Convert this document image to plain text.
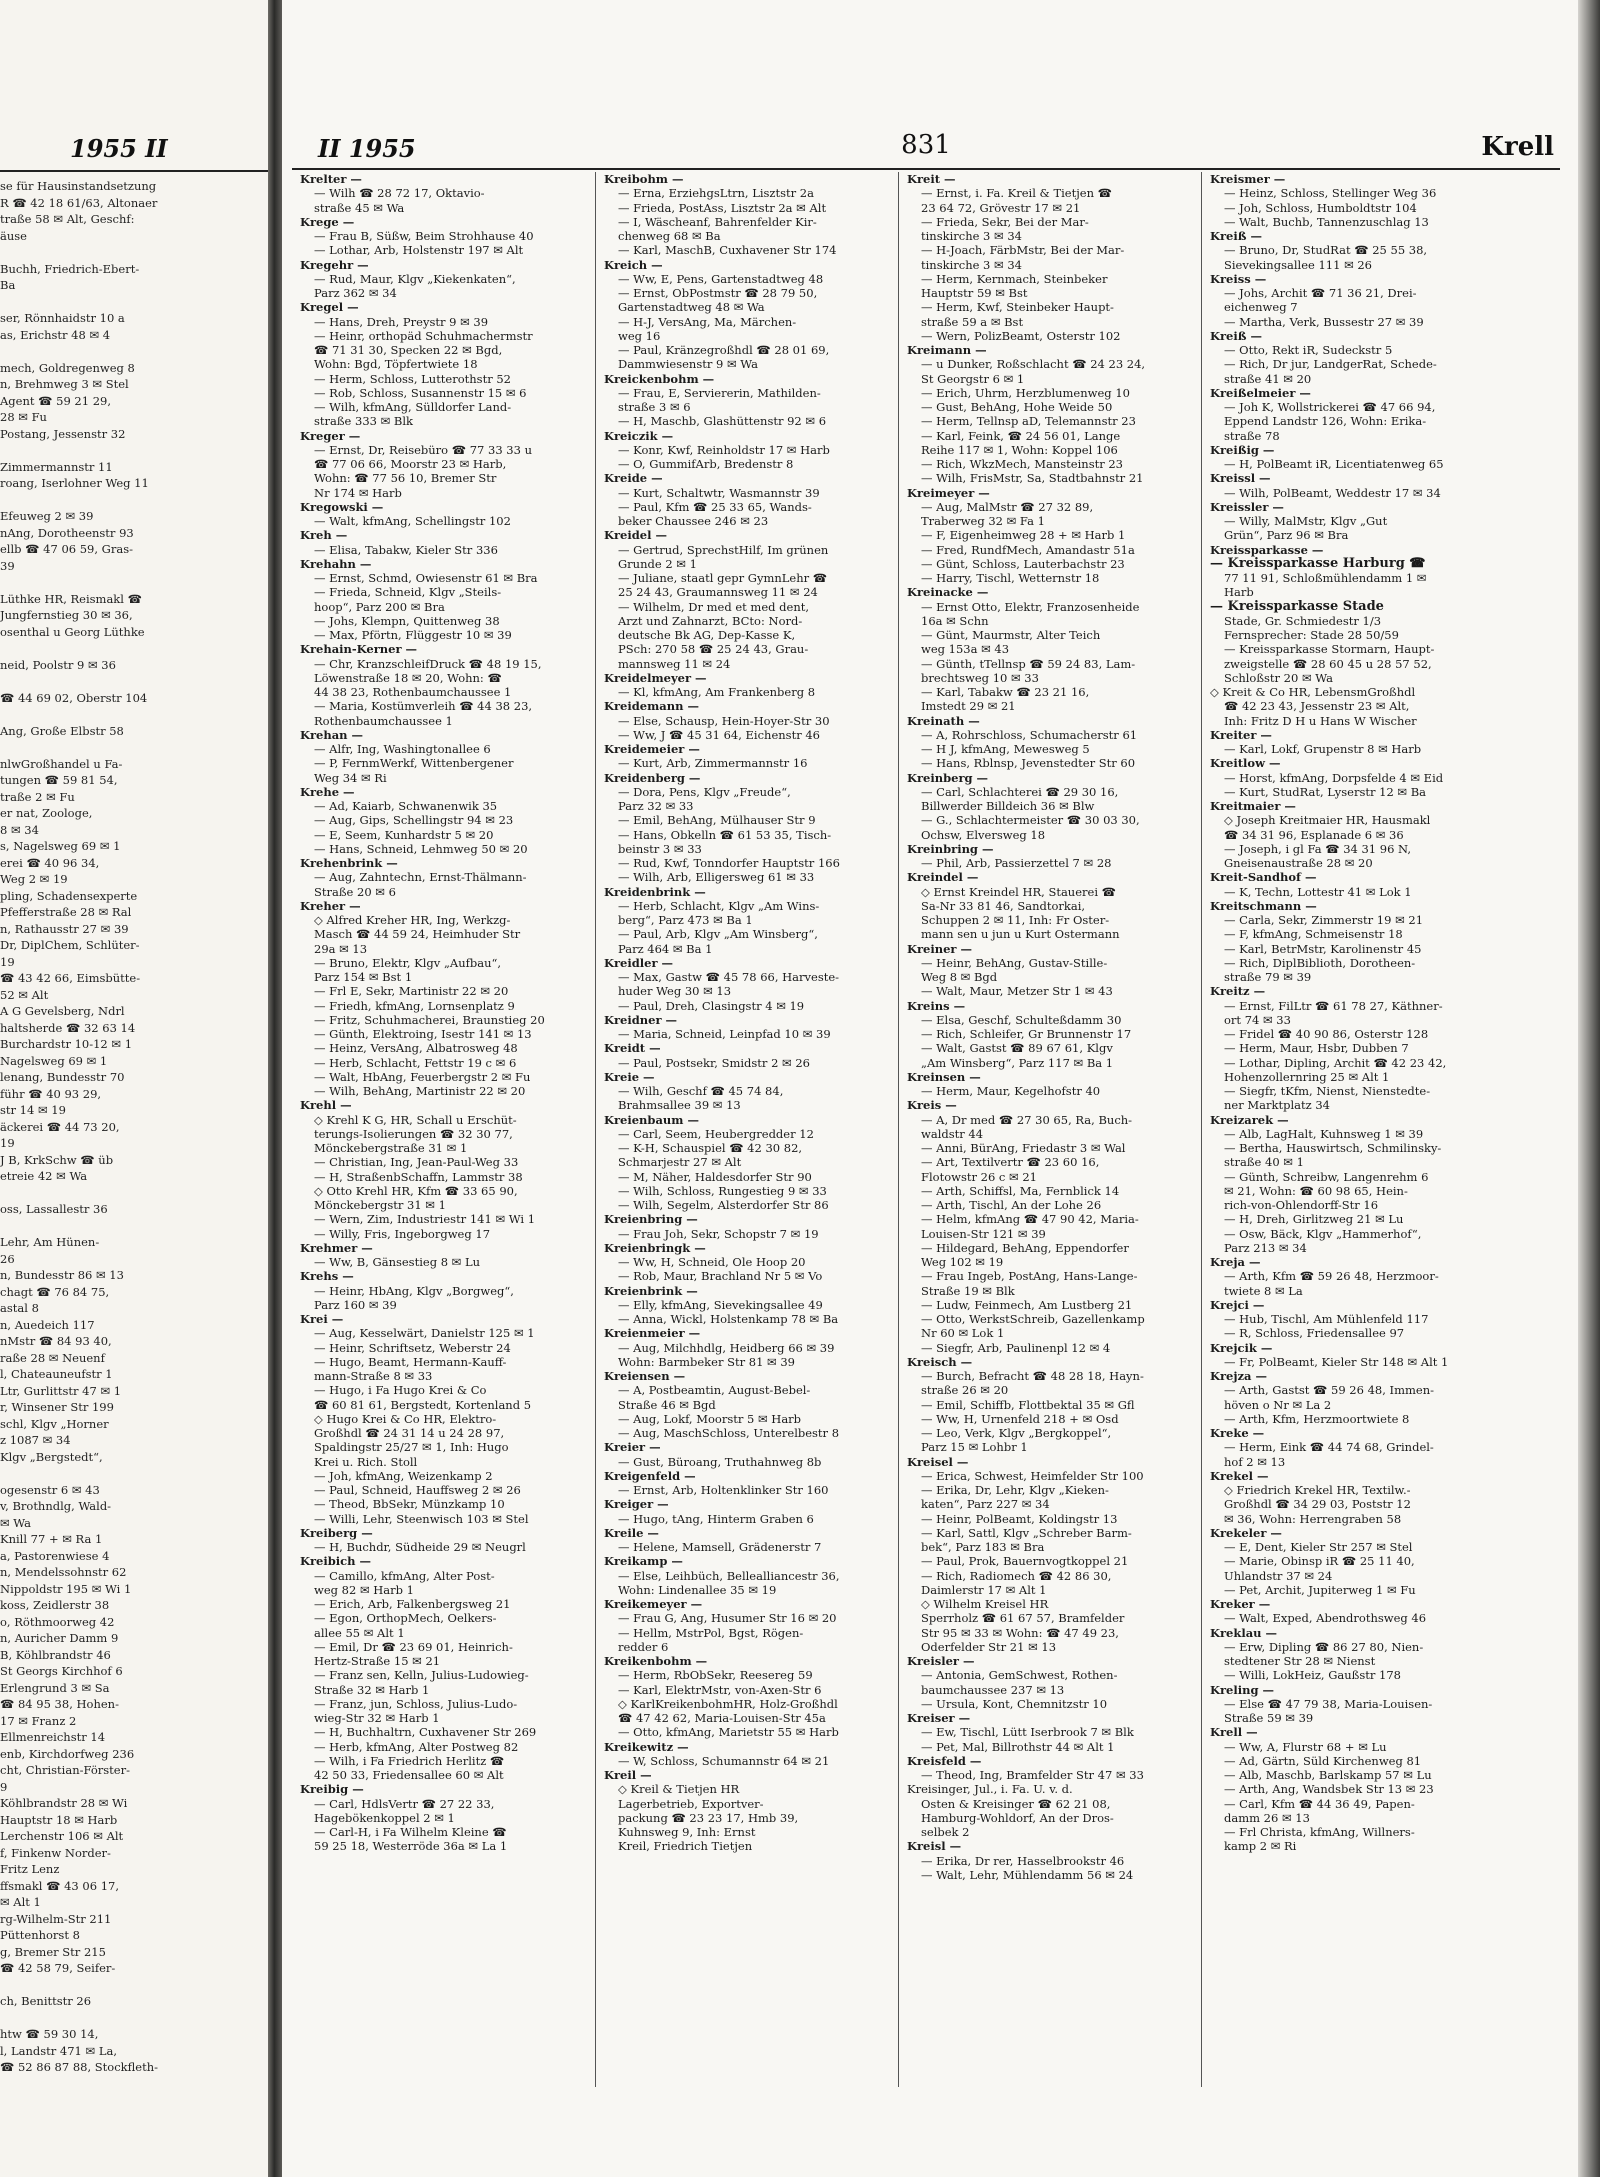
1955 II
se für Hausinstandsetzung
R ☎ 42 18 61/63, Altonaer
traße 58 ✉ Alt, Geschf:
äuse

Buchh, Friedrich-Ebert-
Ba

ser, Rönnhaidstr 10 a
as, Erichstr 48 ✉ 4

mech, Goldregenweg 8
n, Brehmweg 3 ✉ Stel
Agent ☎ 59 21 29,
28 ✉ Fu
Postang, Jessenstr 32

Zimmermannstr 11
roang, Iserlohner Weg 11

Efeuweg 2 ✉ 39
nAng, Dorotheenstr 93
ellb ☎ 47 06 59, Gras-
39

Lüthke HR, Reismakl ☎
Jungfernstieg 30 ✉ 36,
osenthal u Georg Lüthke

neid, Poolstr 9 ✉ 36

☎ 44 69 02, Oberstr 104

Ang, Große Elbstr 58

nlwGroßhandel u Fa-
tungen ☎ 59 81 54,
traße 2 ✉ Fu
er nat, Zoologe,
8 ✉ 34
s, Nagelsweg 69 ✉ 1
erei ☎ 40 96 34,
Weg 2 ✉ 19
pling, Schadensexperte
Pfefferstraße 28 ✉ Ral
n, Rathausstr 27 ✉ 39
Dr, DiplChem, Schlüter-
19
☎ 43 42 66, Eimsbütte-
52 ✉ Alt
A G Gevelsberg, Ndrl
haltsherde ☎ 32 63 14
Burchardstr 10-12 ✉ 1
Nagelsweg 69 ✉ 1
lenang, Bundesstr 70
führ ☎ 40 93 29,
str 14 ✉ 19
äckerei ☎ 44 73 20,
19
J B, KrkSchw ☎ üb
etreie 42 ✉ Wa

oss, Lassallestr 36

Lehr, Am Hünen-
26
n, Bundesstr 86 ✉ 13
chagt ☎ 76 84 75,
astal 8
n, Auedeich 117
nMstr ☎ 84 93 40,
raße 28 ✉ Neuenf
l, Chateauneufstr 1
Ltr, Gurlittstr 47 ✉ 1
r, Winsener Str 199
schl, Klgv „Horner
z 1087 ✉ 34
Klgv „Bergstedt“,

ogesenstr 6 ✉ 43
v, Brothndlg, Wald-
✉ Wa
Knill 77 + ✉ Ra 1
a, Pastorenwiese 4
n, Mendelssohnstr 62
Nippoldstr 195 ✉ Wi 1
koss, Zeidlerstr 38
o, Röthmoorweg 42
n, Auricher Damm 9
B, Köhlbrandstr 46
St Georgs Kirchhof 6
Erlengrund 3 ✉ Sa
☎ 84 95 38, Hohen-
17 ✉ Franz 2
Ellmenreichstr 14
enb, Kirchdorfweg 236
cht, Christian-Förster-
9
Köhlbrandstr 28 ✉ Wi
Hauptstr 18 ✉ Harb
Lerchenstr 106 ✉ Alt
f, Finkenw Norder-
Fritz Lenz
ffsmakl ☎ 43 06 17,
✉ Alt 1
rg-Wilhelm-Str 211
Püttenhorst 8
g, Bremer Str 215
☎ 42 58 79, Seifer-

ch, Benittstr 26

htw ☎ 59 30 14,
l, Landstr 471 ✉ La,
☎ 52 86 87 88, Stockfleth-
II 1955	831	Krell
Krelter —
— Wilh ☎ 28 72 17, Oktavio-
straße 45 ✉ Wa
Krege —
— Frau B, Süßw, Beim Strohhause 40
— Lothar, Arb, Holstenstr 197 ✉ Alt
Kregehr —
— Rud, Maur, Klgv „Kiekenkaten“,
Parz 362 ✉ 34
Kregel —
— Hans, Dreh, Preystr 9 ✉ 39
— Heinr, orthopäd Schuhmachermstr
☎ 71 31 30, Specken 22 ✉ Bgd,
Wohn: Bgd, Töpfertwiete 18
— Herm, Schloss, Lutterothstr 52
— Rob, Schloss, Susannenstr 15 ✉ 6
— Wilh, kfmAng, Sülldorfer Land-
straße 333 ✉ Blk
Kreger —
— Ernst, Dr, Reisebüro ☎ 77 33 33 u
☎ 77 06 66, Moorstr 23 ✉ Harb,
Wohn: ☎ 77 56 10, Bremer Str
Nr 174 ✉ Harb
Kregowski —
— Walt, kfmAng, Schellingstr 102
Kreh —
— Elisa, Tabakw, Kieler Str 336
Krehahn —
— Ernst, Schmd, Owiesenstr 61 ✉ Bra
— Frieda, Schneid, Klgv „Steils-
hoop“, Parz 200 ✉ Bra
— Johs, Klempn, Quittenweg 38
— Max, Pförtn, Flüggestr 10 ✉ 39
Krehain-Kerner —
— Chr, KranzschleifDruck ☎ 48 19 15,
Löwenstraße 18 ✉ 20, Wohn: ☎
44 38 23, Rothenbaumchaussee 1
— Maria, Kostümverleih ☎ 44 38 23,
Rothenbaumchaussee 1
Krehan —
— Alfr, Ing, Washingtonallee 6
— P, FernmWerkf, Wittenbergener
Weg 34 ✉ Ri
Krehe —
— Ad, Kaiarb, Schwanenwik 35
— Aug, Gips, Schellingstr 94 ✉ 23
— E, Seem, Kunhardstr 5 ✉ 20
— Hans, Schneid, Lehmweg 50 ✉ 20
Krehenbrink —
— Aug, Zahntechn, Ernst-Thälmann-
Straße 20 ✉ 6
Kreher —
◇ Alfred Kreher HR, Ing, Werkzg-
Masch ☎ 44 59 24, Heimhuder Str
29a ✉ 13
— Bruno, Elektr, Klgv „Aufbau“,
Parz 154 ✉ Bst 1
— Frl E, Sekr, Martinistr 22 ✉ 20
— Friedh, kfmAng, Lornsenplatz 9
— Fritz, Schuhmacherei, Braunstieg 20
— Günth, Elektroing, Isestr 141 ✉ 13
— Heinz, VersAng, Albatrosweg 48
— Herb, Schlacht, Fettstr 19 c ✉ 6
— Walt, HbAng, Feuerbergstr 2 ✉ Fu
— Wilh, BehAng, Martinistr 22 ✉ 20
Krehl —
◇ Krehl K G, HR, Schall u Erschüt-
terungs-Isolierungen ☎ 32 30 77,
Mönckebergstraße 31 ✉ 1
— Christian, Ing, Jean-Paul-Weg 33
— H, StraßenbSchaffn, Lammstr 38
◇ Otto Krehl HR, Kfm ☎ 33 65 90,
Mönckebergstr 31 ✉ 1
— Wern, Zim, Industriestr 141 ✉ Wi 1
— Willy, Fris, Ingeborgweg 17
Krehmer —
— Ww, B, Gänsestieg 8 ✉ Lu
Krehs —
— Heinr, HbAng, Klgv „Borgweg“,
Parz 160 ✉ 39
Krei —
— Aug, Kesselwärt, Danielstr 125 ✉ 1
— Heinr, Schriftsetz, Weberstr 24
— Hugo, Beamt, Hermann-Kauff-
mann-Straße 8 ✉ 33
— Hugo, i Fa Hugo Krei & Co
☎ 60 81 61, Bergstedt, Kortenland 5
◇ Hugo Krei & Co HR, Elektro-
Großhdl ☎ 24 31 14 u 24 28 97,
Spaldingstr 25/27 ✉ 1, Inh: Hugo
Krei u. Rich. Stoll
— Joh, kfmAng, Weizenkamp 2
— Paul, Schneid, Hauffsweg 2 ✉ 26
— Theod, BbSekr, Münzkamp 10
— Willi, Lehr, Steenwisch 103 ✉ Stel
Kreiberg —
— H, Buchdr, Südheide 29 ✉ Neugrl
Kreibich —
— Camillo, kfmAng, Alter Post-
weg 82 ✉ Harb 1
— Erich, Arb, Falkenbergsweg 21
— Egon, OrthopMech, Oelkers-
allee 55 ✉ Alt 1
— Emil, Dr ☎ 23 69 01, Heinrich-
Hertz-Straße 15 ✉ 21
— Franz sen, Kelln, Julius-Ludowieg-
Straße 32 ✉ Harb 1
— Franz, jun, Schloss, Julius-Ludo-
wieg-Str 32 ✉ Harb 1
— H, Buchhaltrn, Cuxhavener Str 269
— Herb, kfmAng, Alter Postweg 82
— Wilh, i Fa Friedrich Herlitz ☎
42 50 33, Friedensallee 60 ✉ Alt
Kreibig —
— Carl, HdlsVertr ☎ 27 22 33,
Hagebökenkoppel 2 ✉ 1
— Carl-H, i Fa Wilhelm Kleine ☎
59 25 18, Westerröde 36a ✉ La 1
Kreibohm —
— Erna, ErziehgsLtrn, Lisztstr 2a
— Frieda, PostAss, Lisztstr 2a ✉ Alt
— I, Wäscheanf, Bahrenfelder Kir-
chenweg 68 ✉ Ba
— Karl, MaschB, Cuxhavener Str 174
Kreich —
— Ww, E, Pens, Gartenstadtweg 48
— Ernst, ObPostmstr ☎ 28 79 50,
Gartenstadtweg 48 ✉ Wa
— H-J, VersAng, Ma, Märchen-
weg 16
— Paul, Kränzegroßhdl ☎ 28 01 69,
Dammwiesenstr 9 ✉ Wa
Kreickenbohm —
— Frau, E, Serviererin, Mathilden-
straße 3 ✉ 6
— H, Maschb, Glashüttenstr 92 ✉ 6
Kreiczik —
— Konr, Kwf, Reinholdstr 17 ✉ Harb
— O, GummifArb, Bredenstr 8
Kreide —
— Kurt, Schaltwtr, Wasmannstr 39
— Paul, Kfm ☎ 25 33 65, Wands-
beker Chaussee 246 ✉ 23
Kreidel —
— Gertrud, SprechstHilf, Im grünen
Grunde 2 ✉ 1
— Juliane, staatl gepr GymnLehr ☎
25 24 43, Graumannsweg 11 ✉ 24
— Wilhelm, Dr med et med dent,
Arzt und Zahnarzt, BCto: Nord-
deutsche Bk AG, Dep-Kasse K,
PSch: 270 58 ☎ 25 24 43, Grau-
mannsweg 11 ✉ 24
Kreidelmeyer —
— Kl, kfmAng, Am Frankenberg 8
Kreidemann —
— Else, Schausp, Hein-Hoyer-Str 30
— Ww, J ☎ 45 31 64, Eichenstr 46
Kreidemeier —
— Kurt, Arb, Zimmermannstr 16
Kreidenberg —
— Dora, Pens, Klgv „Freude“,
Parz 32 ✉ 33
— Emil, BehAng, Mülhauser Str 9
— Hans, Obkelln ☎ 61 53 35, Tisch-
beinstr 3 ✉ 33
— Rud, Kwf, Tonndorfer Hauptstr 166
— Wilh, Arb, Elligersweg 61 ✉ 33
Kreidenbrink —
— Herb, Schlacht, Klgv „Am Wins-
berg“, Parz 473 ✉ Ba 1
— Paul, Arb, Klgv „Am Winsberg“,
Parz 464 ✉ Ba 1
Kreidler —
— Max, Gastw ☎ 45 78 66, Harveste-
huder Weg 30 ✉ 13
— Paul, Dreh, Clasingstr 4 ✉ 19
Kreidner —
— Maria, Schneid, Leinpfad 10 ✉ 39
Kreidt —
— Paul, Postsekr, Smidstr 2 ✉ 26
Kreie —
— Wilh, Geschf ☎ 45 74 84,
Brahmsallee 39 ✉ 13
Kreienbaum —
— Carl, Seem, Heubergredder 12
— K-H, Schauspiel ☎ 42 30 82,
Schmarjestr 27 ✉ Alt
— M, Näher, Haldesdorfer Str 90
— Wilh, Schloss, Rungestieg 9 ✉ 33
— Wilh, Segelm, Alsterdorfer Str 86
Kreienbring —
— Frau Joh, Sekr, Schopstr 7 ✉ 19
Kreienbringk —
— Ww, H, Schneid, Ole Hoop 20
— Rob, Maur, Brachland Nr 5 ✉ Vo
Kreienbrink —
— Elly, kfmAng, Sievekingsallee 49
— Anna, Wickl, Holstenkamp 78 ✉ Ba
Kreienmeier —
— Aug, Milchhdlg, Heidberg 66 ✉ 39
Wohn: Barmbeker Str 81 ✉ 39
Kreiensen —
— A, Postbeamtin, August-Bebel-
Straße 46 ✉ Bgd
— Aug, Lokf, Moorstr 5 ✉ Harb
— Aug, MaschSchloss, Unterelbestr 8
Kreier —
— Gust, Büroang, Truthahnweg 8b
Kreigenfeld —
— Ernst, Arb, Holtenklinker Str 160
Kreiger —
— Hugo, tAng, Hinterm Graben 6
Kreile —
— Helene, Mamsell, Grädenerstr 7
Kreikamp —
— Else, Leihbüch, Bellealliancestr 36,
Wohn: Lindenallee 35 ✉ 19
Kreikemeyer —
— Frau G, Ang, Husumer Str 16 ✉ 20
— Hellm, MstrPol, Bgst, Rögen-
redder 6
Kreikenbohm —
— Herm, RbObSekr, Reesereg 59
— Karl, ElektrMstr, von-Axen-Str 6
◇ KarlKreikenbohmHR, Holz-Großhdl
☎ 47 42 62, Maria-Louisen-Str 45a
— Otto, kfmAng, Marietstr 55 ✉ Harb
Kreikewitz —
— W, Schloss, Schumannstr 64 ✉ 21
Kreil —
◇ Kreil & Tietjen HR
Lagerbetrieb, Exportver-
packung ☎ 23 23 17, Hmb 39,
Kuhnsweg 9, Inh: Ernst
Kreil, Friedrich Tietjen
Kreit —
— Ernst, i. Fa. Kreil & Tietjen ☎
23 64 72, Grövestr 17 ✉ 21
— Frieda, Sekr, Bei der Mar-
tinskirche 3 ✉ 34
— H-Joach, FärbMstr, Bei der Mar-
tinskirche 3 ✉ 34
— Herm, Kernmach, Steinbeker
Hauptstr 59 ✉ Bst
— Herm, Kwf, Steinbeker Haupt-
straße 59 a ✉ Bst
— Wern, PolizBeamt, Osterstr 102
Kreimann —
— u Dunker, Roßschlacht ☎ 24 23 24,
St Georgstr 6 ✉ 1
— Erich, Uhrm, Herzblumenweg 10
— Gust, BehAng, Hohe Weide 50
— Herm, Tellnsp aD, Telemannstr 23
— Karl, Feink, ☎ 24 56 01, Lange
Reihe 117 ✉ 1, Wohn: Koppel 106
— Rich, WkzMech, Mansteinstr 23
— Wilh, FrisMstr, Sa, Stadtbahnstr 21
Kreimeyer —
— Aug, MalMstr ☎ 27 32 89,
Traberweg 32 ✉ Fa 1
— F, Eigenheimweg 28 + ✉ Harb 1
— Fred, RundfMech, Amandastr 51a
— Günt, Schloss, Lauterbachstr 23
— Harry, Tischl, Wetternstr 18
Kreinacke —
— Ernst Otto, Elektr, Franzosenheide
16a ✉ Schn
— Günt, Maurmstr, Alter Teich
weg 153a ✉ 43
— Günth, tTellnsp ☎ 59 24 83, Lam-
brechtsweg 10 ✉ 33
— Karl, Tabakw ☎ 23 21 16,
Imstedt 29 ✉ 21
Kreinath —
— A, Rohrschloss, Schumacherstr 61
— H J, kfmAng, Mewesweg 5
— Hans, Rblnsp, Jevenstedter Str 60
Kreinberg —
— Carl, Schlachterei ☎ 29 30 16,
Billwerder Billdeich 36 ✉ Blw
— G., Schlachtermeister ☎ 30 03 30,
Ochsw, Elversweg 18
Kreinbring —
— Phil, Arb, Passierzettel 7 ✉ 28
Kreindel —
◇ Ernst Kreindel HR, Stauerei ☎
Sa-Nr 33 81 46, Sandtorkai,
Schuppen 2 ✉ 11, Inh: Fr Oster-
mann sen u jun u Kurt Ostermann
Kreiner —
— Heinr, BehAng, Gustav-Stille-
Weg 8 ✉ Bgd
— Walt, Maur, Metzer Str 1 ✉ 43
Kreins —
— Elsa, Geschf, Schulteßdamm 30
— Rich, Schleifer, Gr Brunnenstr 17
— Walt, Gastst ☎ 89 67 61, Klgv
„Am Winsberg“, Parz 117 ✉ Ba 1
Kreinsen —
— Herm, Maur, Kegelhofstr 40
Kreis —
— A, Dr med ☎ 27 30 65, Ra, Buch-
waldstr 44
— Anni, BürAng, Friedastr 3 ✉ Wal
— Art, Textilvertr ☎ 23 60 16,
Flotowstr 26 c ✉ 21
— Arth, Schiffsl, Ma, Fernblick 14
— Arth, Tischl, An der Lohe 26
— Helm, kfmAng ☎ 47 90 42, Maria-
Louisen-Str 121 ✉ 39
— Hildegard, BehAng, Eppendorfer
Weg 102 ✉ 19
— Frau Ingeb, PostAng, Hans-Lange-
Straße 19 ✉ Blk
— Ludw, Feinmech, Am Lustberg 21
— Otto, WerkstSchreib, Gazellenkamp
Nr 60 ✉ Lok 1
— Siegfr, Arb, Paulinenpl 12 ✉ 4
Kreisch —
— Burch, Befracht ☎ 48 28 18, Hayn-
straße 26 ✉ 20
— Emil, Schiffb, Flottbektal 35 ✉ Gfl
— Ww, H, Urnenfeld 218 + ✉ Osd
— Leo, Verk, Klgv „Bergkoppel“,
Parz 15 ✉ Lohbr 1
Kreisel —
— Erica, Schwest, Heimfelder Str 100
— Erika, Dr, Lehr, Klgv „Kieken-
katen“, Parz 227 ✉ 34
— Heinr, PolBeamt, Koldingstr 13
— Karl, Sattl, Klgv „Schreber Barm-
bek“, Parz 183 ✉ Bra
— Paul, Prok, Bauernvogtkoppel 21
— Rich, Radiomech ☎ 42 86 30,
Daimlerstr 17 ✉ Alt 1
◇ Wilhelm Kreisel HR
Sperrholz ☎ 61 67 57, Bramfelder
Str 95 ✉ 33 ✉ Wohn: ☎ 47 49 23,
Oderfelder Str 21 ✉ 13
Kreisler —
— Antonia, GemSchwest, Rothen-
baumchaussee 237 ✉ 13
— Ursula, Kont, Chemnitzstr 10
Kreiser —
— Ew, Tischl, Lütt Iserbrook 7 ✉ Blk
— Pet, Mal, Billrothstr 44 ✉ Alt 1
Kreisfeld —
— Theod, Ing, Bramfelder Str 47 ✉ 33
Kreisinger, Jul., i. Fa. U. v. d.
Osten & Kreisinger ☎ 62 21 08,
Hamburg-Wohldorf, An der Dros-
selbek 2
Kreisl —
— Erika, Dr rer, Hasselbrookstr 46
— Walt, Lehr, Mühlendamm 56 ✉ 24
Kreismer —
— Heinz, Schloss, Stellinger Weg 36
— Joh, Schloss, Humboldtstr 104
— Walt, Buchb, Tannenzuschlag 13
Kreiß —
— Bruno, Dr, StudRat ☎ 25 55 38,
Sievekingsallee 111 ✉ 26
Kreiss —
— Johs, Archit ☎ 71 36 21, Drei-
eichenweg 7
— Martha, Verk, Bussestr 27 ✉ 39
Kreiß —
— Otto, Rekt iR, Sudeckstr 5
— Rich, Dr jur, LandgerRat, Schede-
straße 41 ✉ 20
Kreißelmeier —
— Joh K, Wollstrickerei ☎ 47 66 94,
Eppend Landstr 126, Wohn: Erika-
straße 78
Kreißig —
— H, PolBeamt iR, Licentiatenweg 65
Kreissl —
— Wilh, PolBeamt, Weddestr 17 ✉ 34
Kreissler —
— Willy, MalMstr, Klgv „Gut
Grün“, Parz 96 ✉ Bra
Kreissparkasse —
— Kreissparkasse Harburg ☎
77 11 91, Schloßmühlendamm 1 ✉
Harb
— Kreissparkasse Stade
Stade, Gr. Schmiedestr 1/3
Fernsprecher: Stade 28 50/59
— Kreissparkasse Stormarn, Haupt-
zweigstelle ☎ 28 60 45 u 28 57 52,
Schloßstr 20 ✉ Wa
◇ Kreit & Co HR, LebensmGroßhdl
☎ 42 23 43, Jessenstr 23 ✉ Alt,
Inh: Fritz D H u Hans W Wischer
Kreiter —
— Karl, Lokf, Grupenstr 8 ✉ Harb
Kreitlow —
— Horst, kfmAng, Dorpsfelde 4 ✉ Eid
— Kurt, StudRat, Lyserstr 12 ✉ Ba
Kreitmaier —
◇ Joseph Kreitmaier HR, Hausmakl
☎ 34 31 96, Esplanade 6 ✉ 36
— Joseph, i gl Fa ☎ 34 31 96 N,
Gneisenaustraße 28 ✉ 20
Kreit-Sandhof —
— K, Techn, Lottestr 41 ✉ Lok 1
Kreitschmann —
— Carla, Sekr, Zimmerstr 19 ✉ 21
— F, kfmAng, Schmeisenstr 18
— Karl, BetrMstr, Karolinenstr 45
— Rich, DiplBiblioth, Dorotheen-
straße 79 ✉ 39
Kreitz —
— Ernst, FilLtr ☎ 61 78 27, Käthner-
ort 74 ✉ 33
— Fridel ☎ 40 90 86, Osterstr 128
— Herm, Maur, Hsbr, Dubben 7
— Lothar, Dipling, Archit ☎ 42 23 42,
Hohenzollernring 25 ✉ Alt 1
— Siegfr, tKfm, Nienst, Nienstedte-
ner Marktplatz 34
Kreizarek —
— Alb, LagHalt, Kuhnsweg 1 ✉ 39
— Bertha, Hauswirtsch, Schmilinsky-
straße 40 ✉ 1
— Günth, Schreibw, Langenrehm 6
✉ 21, Wohn: ☎ 60 98 65, Hein-
rich-von-Ohlendorff-Str 16
— H, Dreh, Girlitzweg 21 ✉ Lu
— Osw, Bäck, Klgv „Hammerhof“,
Parz 213 ✉ 34
Kreja —
— Arth, Kfm ☎ 59 26 48, Herzmoor-
twiete 8 ✉ La
Krejci —
— Hub, Tischl, Am Mühlenfeld 117
— R, Schloss, Friedensallee 97
Krejcik —
— Fr, PolBeamt, Kieler Str 148 ✉ Alt 1
Krejza —
— Arth, Gastst ☎ 59 26 48, Immen-
höven o Nr ✉ La 2
— Arth, Kfm, Herzmoortwiete 8
Kreke —
— Herm, Eink ☎ 44 74 68, Grindel-
hof 2 ✉ 13
Krekel —
◇ Friedrich Krekel HR, Textilw.-
Großhdl ☎ 34 29 03, Poststr 12
✉ 36, Wohn: Herrengraben 58
Krekeler —
— E, Dent, Kieler Str 257 ✉ Stel
— Marie, Obinsp iR ☎ 25 11 40,
Uhlandstr 37 ✉ 24
— Pet, Archit, Jupiterweg 1 ✉ Fu
Kreker —
— Walt, Exped, Abendrothsweg 46
Kreklau —
— Erw, Dipling ☎ 86 27 80, Nien-
stedtener Str 28 ✉ Nienst
— Willi, LokHeiz, Gaußstr 178
Kreling —
— Else ☎ 47 79 38, Maria-Louisen-
Straße 59 ✉ 39
Krell —
— Ww, A, Flurstr 68 + ✉ Lu
— Ad, Gärtn, Süld Kirchenweg 81
— Alb, Maschb, Barlskamp 57 ✉ Lu
— Arth, Ang, Wandsbek Str 13 ✉ 23
— Carl, Kfm ☎ 44 36 49, Papen-
damm 26 ✉ 13
— Frl Christa, kfmAng, Willners-
kamp 2 ✉ Ri
